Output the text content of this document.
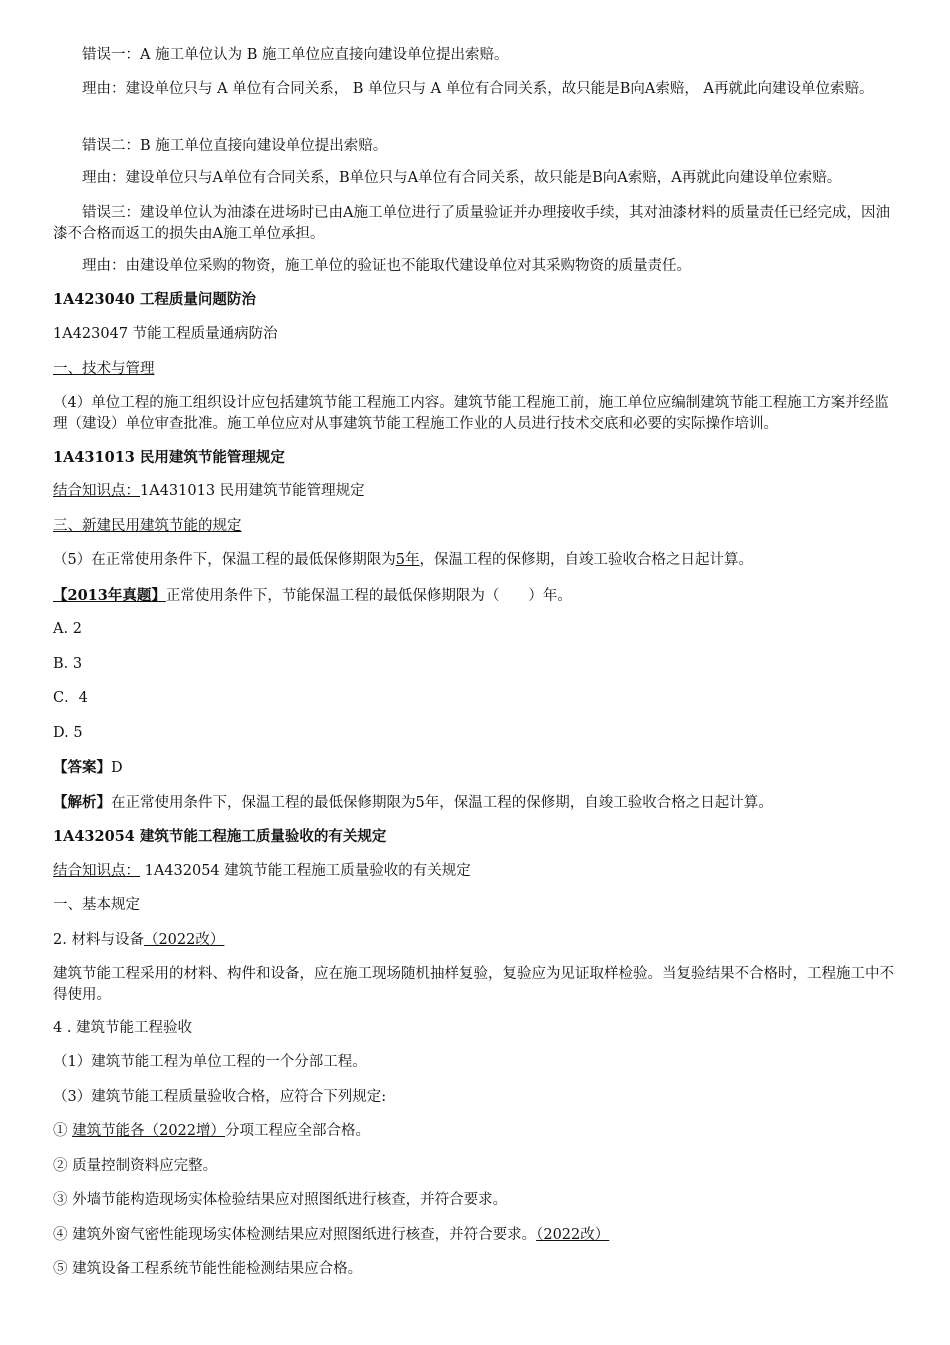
错误一：A 施工单位认为 B 施工单位应直接向建设单位提出索赔。
理由：建设单位只与 A 单位有合同关系， B 单位只与 A 单位有合同关系，故只能是B向A索赔， A再就此向建设单位索赔。
错误二：B 施工单位直接向建设单位提出索赔。
理由：建设单位只与A单位有合同关系，B单位只与A单位有合同关系，故只能是B向A索赔，A再就此向建设单位索赔。
错误三：建设单位认为油漆在进场时已由A施工单位进行了质量验证并办理接收手续，其对油漆材料的质量责任已经完成，因油漆不合格而返工的损失由A施工单位承担。
理由：由建设单位采购的物资，施工单位的验证也不能取代建设单位对其采购物资的质量责任。
1A423040 工程质量问题防治
1A423047 节能工程质量通病防治
一、技术与管理
（4）单位工程的施工组织设计应包括建筑节能工程施工内容。建筑节能工程施工前，施工单位应编制建筑节能工程施工方案并经监理（建设）单位审查批准。施工单位应对从事建筑节能工程施工作业的人员进行技术交底和必要的实际操作培训。
1A431013 民用建筑节能管理规定
结合知识点：1A431013 民用建筑节能管理规定
三、新建民用建筑节能的规定
（5）在正常使用条件下，保温工程的最低保修期限为5年，保温工程的保修期，自竣工验收合格之日起计算。
【2013年真题】正常使用条件下，节能保温工程的最低保修期限为（　　）年。
A. 2
B. 3
C．4
D. 5
【答案】D
【解析】在正常使用条件下，保温工程的最低保修期限为5年，保温工程的保修期，自竣工验收合格之日起计算。
1A432054 建筑节能工程施工质量验收的有关规定
结合知识点： 1A432054 建筑节能工程施工质量验收的有关规定
一、基本规定
2. 材料与设备（2022改）
建筑节能工程采用的材料、构件和设备，应在施工现场随机抽样复验，复验应为见证取样检验。当复验结果不合格时，工程施工中不得使用。
4 . 建筑节能工程验收
（1）建筑节能工程为单位工程的一个分部工程。
（3）建筑节能工程质量验收合格，应符合下列规定:
① 建筑节能各（2022增）分项工程应全部合格。
② 质量控制资料应完整。
③ 外墙节能构造现场实体检验结果应对照图纸进行核查，并符合要求。
④ 建筑外窗气密性能现场实体检测结果应对照图纸进行核查，并符合要求。（2022改）
⑤ 建筑设备工程系统节能性能检测结果应合格。
